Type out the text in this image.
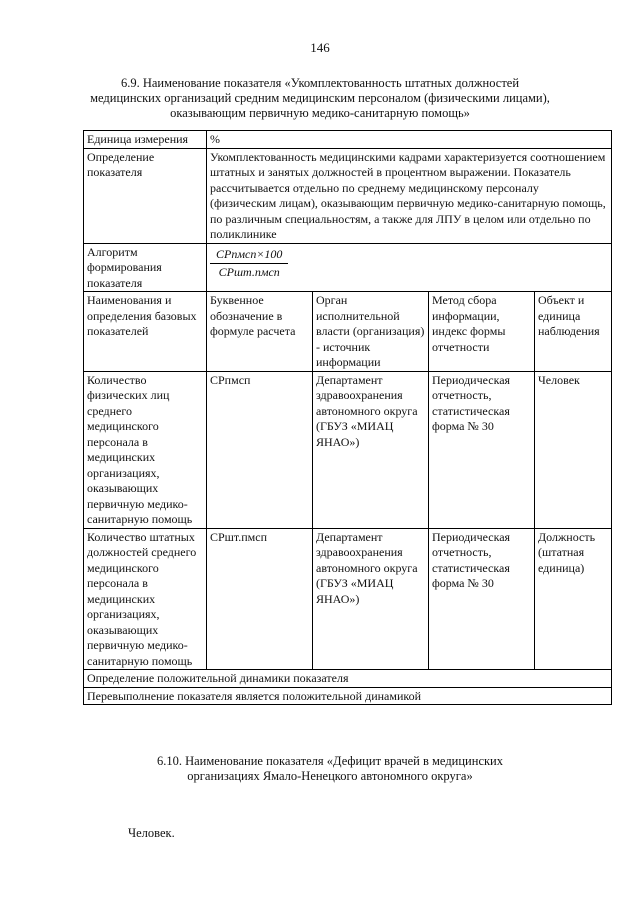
146
6.9. Наименование показателя «Укомплектованность штатных должностей
медицинских организаций средним медицинским персоналом (физическими лицами),
оказывающим первичную медико-санитарную помощь»
Единица измерения	%			
Определение показателя	Укомплектованность медицинскими кадрами характеризуется соотношением штатных и занятых должностей в процентном выражении. Показатель рассчитывается отдельно по среднему медицинскому персоналу (физическим лицам), оказывающим первичную медико-санитарную помощь, по различным специальностям, а также для ЛПУ в целом или отдельно по поликлинике			
Алгоритм формирования показателя	$\frac{\text{СРпмсп×100}}{\text{СРшт.пмсп}}$

Наименования и определения базовых показателей	Буквенное обозначение в формуле расчета	Орган исполнительной власти (организация) - источник информации	Метод сбора информации, индекс формы отчетности	Объект и единица наблюдения
Количество физических лиц среднего медицинского персонала в медицинских организациях, оказывающих первичную медико-санитарную помощь	СРпмсп	Департамент здравоохранения автономного округа (ГБУЗ «МИАЦ ЯНАО»)	Периодическая отчетность, статистическая форма № 30	Человек
Количество штатных должностей среднего медицинского персонала в медицинских организациях, оказывающих первичную медико-санитарную помощь	СРшт.пмсп	Департамент здравоохранения автономного округа (ГБУЗ «МИАЦ ЯНАО»)	Периодическая отчетность, статистическая форма № 30	Должность (штатная единица)
Определение положительной динамики показателя				
Перевыполнение показателя является положительной динамикой				
6.10. Наименование показателя «Дефицит врачей в медицинских
организациях Ямало-Ненецкого автономного округа»
Человек.
